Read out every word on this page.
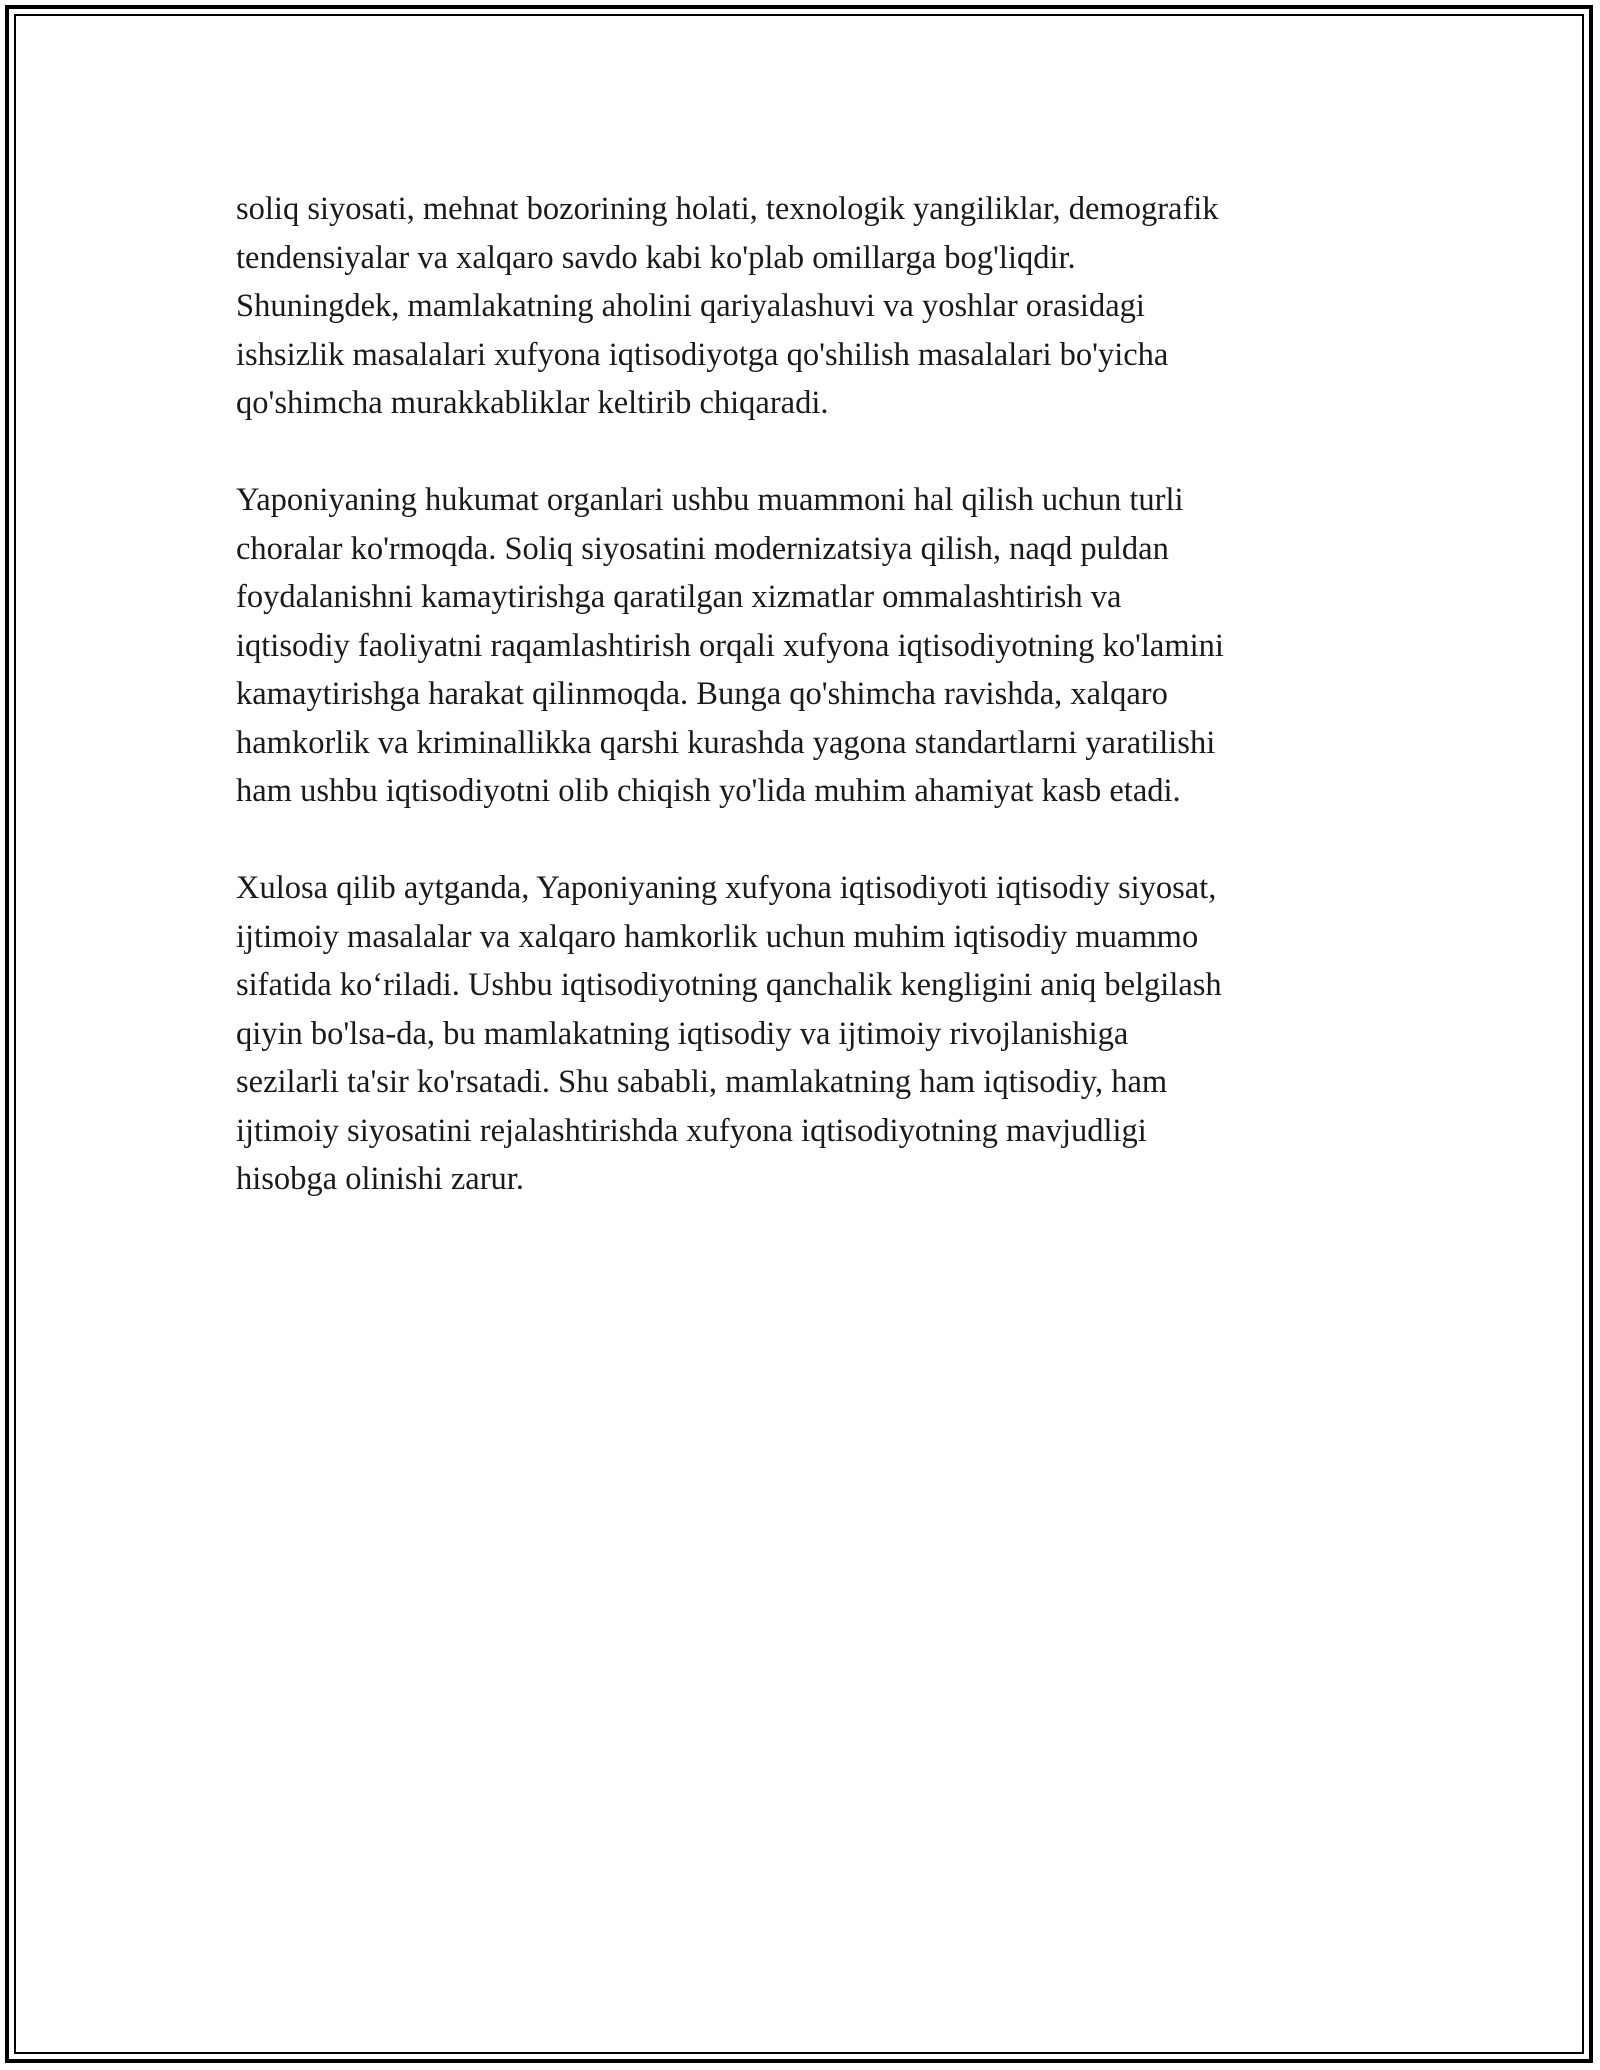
soliq siyosati, mehnat bozorining holati, texnologik yangiliklar, demografik
tendensiyalar va xalqaro savdo kabi ko'plab omillarga bog'liqdir.
Shuningdek, mamlakatning aholini qariyalashuvi va yoshlar orasidagi
ishsizlik masalalari xufyona iqtisodiyotga qo'shilish masalalari bo'yicha
qo'shimcha murakkabliklar keltirib chiqaradi.

Yaponiyaning hukumat organlari ushbu muammoni hal qilish uchun turli
choralar ko'rmoqda. Soliq siyosatini modernizatsiya qilish, naqd puldan
foydalanishni kamaytirishga qaratilgan xizmatlar ommalashtirish va
iqtisodiy faoliyatni raqamlashtirish orqali xufyona iqtisodiyotning ko'lamini
kamaytirishga harakat qilinmoqda. Bunga qo'shimcha ravishda, xalqaro
hamkorlik va kriminallikka qarshi kurashda yagona standartlarni yaratilishi
ham ushbu iqtisodiyotni olib chiqish yo'lida muhim ahamiyat kasb etadi.

Xulosa qilib aytganda, Yaponiyaning xufyona iqtisodiyoti iqtisodiy siyosat,
ijtimoiy masalalar va xalqaro hamkorlik uchun muhim iqtisodiy muammo
sifatida ko‘riladi. Ushbu iqtisodiyotning qanchalik kengligini aniq belgilash
qiyin bo'lsa-da, bu mamlakatning iqtisodiy va ijtimoiy rivojlanishiga
sezilarli ta'sir ko'rsatadi. Shu sababli, mamlakatning ham iqtisodiy, ham
ijtimoiy siyosatini rejalashtirishda xufyona iqtisodiyotning mavjudligi
hisobga olinishi zarur.
